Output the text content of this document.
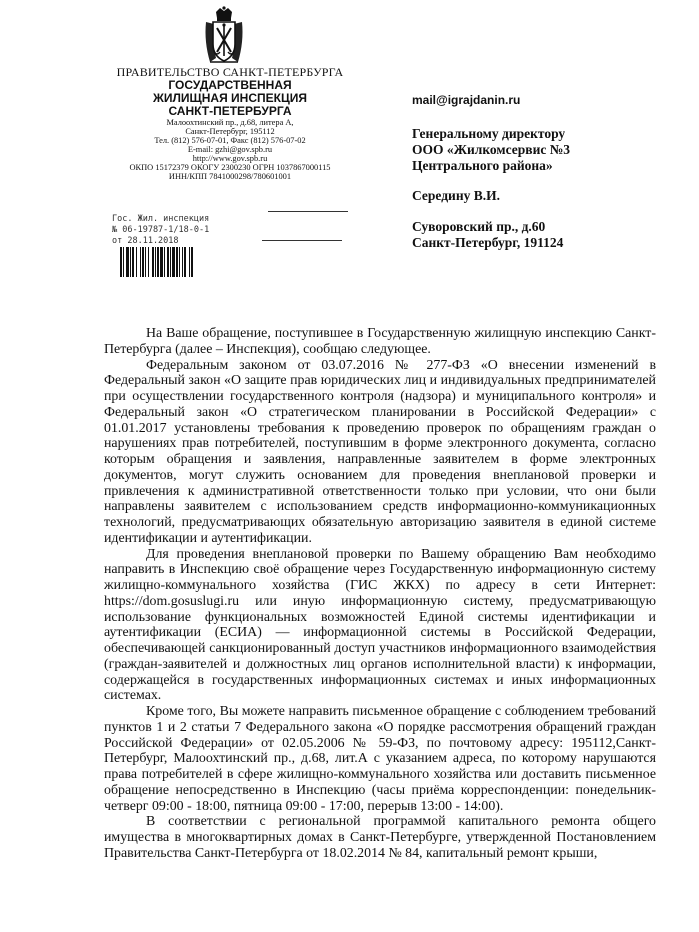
ПРАВИТЕЛЬСТВО САНКТ-ПЕТЕРБУРГА
ГОСУДАРСТВЕННАЯ
ЖИЛИЩНАЯ ИНСПЕКЦИЯ
САНКТ-ПЕТЕРБУРГА
Малоохтинский пр., д.68, литера А,
Санкт-Петербург, 195112
Тел. (812) 576-07-01, Факс (812) 576-07-02
E-mail: gzhi@gov.spb.ru
http://www.gov.spb.ru
ОКПО 15172379 ОКОГУ 2300230 ОГРН 1037867000115
ИНН/КПП 7841000298/780601001
Гос. Жил. инспекция
№ 06-19787-1/18-0-1
от 28.11.2018
mail@igrajdanin.ru
Генеральному директору
ООО «Жилкомсервис №3
Центрального района»
Середину В.И.
Суворовский пр., д.60
Санкт-Петербург, 191124

На Ваше обращение, поступившее в Государственную жилищную инспекцию Санкт-Петербурга (далее – Инспекция), сообщаю следующее.

Федеральным законом от 03.07.2016 № 277-ФЗ «О внесении изменений в Федеральный закон «О защите прав юридических лиц и индивидуальных предпринимателей при осуществлении государственного контроля (надзора) и муниципального контроля» и Федеральный закон «О стратегическом планировании в Российской Федерации» с 01.01.2017 установлены требования к проведению проверок по обращениям граждан о нарушениях прав потребителей, поступившим в форме электронного документа, согласно которым обращения и заявления, направленные заявителем в форме электронных документов, могут служить основанием для проведения внеплановой проверки и привлечения к административной ответственности только при условии, что они были направлены заявителем с использованием средств информационно-коммуникационных технологий, предусматривающих обязательную авторизацию заявителя в единой системе идентификации и аутентификации.

Для проведения внеплановой проверки по Вашему обращению Вам необходимо направить в Инспекцию своё обращение через Государственную информационную систему жилищно-коммунального хозяйства (ГИС ЖКХ) по адресу в сети Интернет: https://dom.gosuslugi.ru или иную информационную систему, предусматривающую использование функциональных возможностей Единой системы идентификации и аутентификации (ЕСИА) — информационной системы в Российской Федерации, обеспечивающей санкционированный доступ участников информационного взаимодействия (граждан-заявителей и должностных лиц органов исполнительной власти) к информации, содержащейся в государственных информационных системах и иных информационных системах.

Кроме того, Вы можете направить письменное обращение с соблюдением требований пунктов 1 и 2 статьи 7 Федерального закона «О порядке рассмотрения обращений граждан Российской Федерации» от 02.05.2006 № 59-ФЗ, по почтовому адресу: 195112,Санкт-Петербург, Малоохтинский пр., д.68, лит.А с указанием адреса, по которому нарушаются права потребителей в сфере жилищно-коммунального хозяйства или доставить письменное обращение непосредственно в Инспекцию (часы приёма корреспонденции: понедельник-четверг 09:00 - 18:00, пятница 09:00 - 17:00, перерыв 13:00 - 14:00).

В соответствии с региональной программой капитального ремонта общего имущества в многоквартирных домах в Санкт-Петербурге, утвержденной Постановлением Правительства Санкт-Петербурга от 18.02.2014 № 84, капитальный ремонт крыши,
